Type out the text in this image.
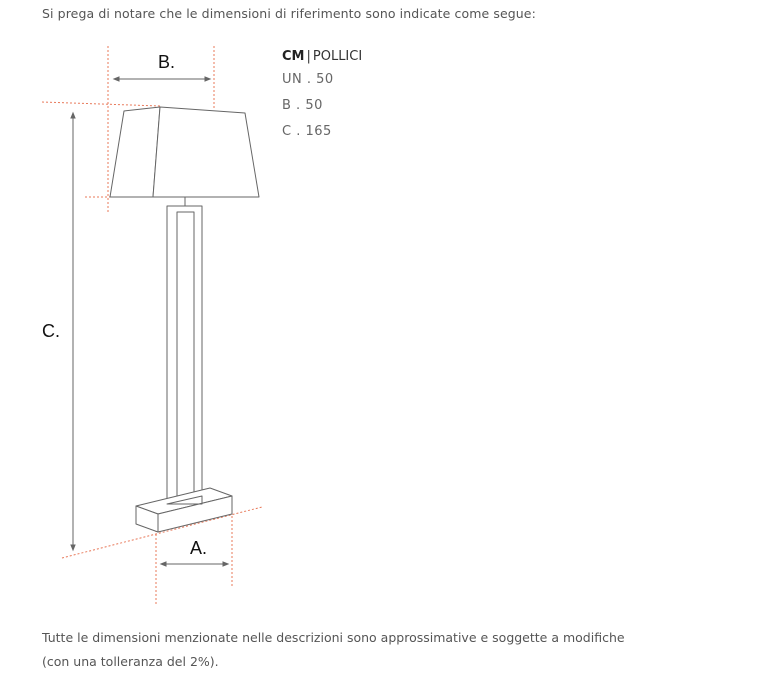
Si prega di notare che le dimensioni di riferimento sono indicate come segue:
B.
C.
A.
CM | POLLICI
UN . 50
B . 50
C . 165
Tutte le dimensioni menzionate nelle descrizioni sono approssimative e soggette a modifiche
(con una tolleranza del 2%).
